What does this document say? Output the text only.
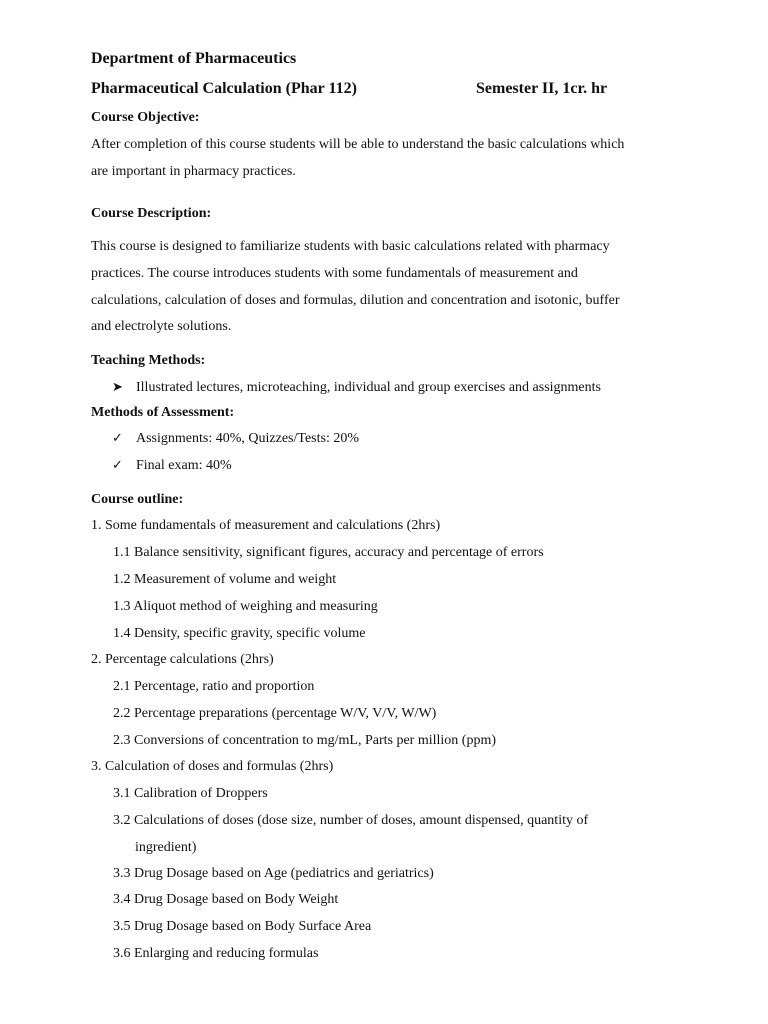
Department of Pharmaceutics
Pharmaceutical Calculation (Phar 112)	Semester II, 1cr. hr
Course Objective:
After completion of this course students will be able to understand the basic calculations which
are important in pharmacy practices.
Course Description:
This course is designed to familiarize students with basic calculations related with pharmacy
practices. The course introduces students with some fundamentals of measurement and
calculations, calculation of doses and formulas, dilution and concentration and isotonic, buffer
and electrolyte solutions.
Teaching Methods:
➤ Illustrated lectures, microteaching, individual and group exercises and assignments
Methods of Assessment:
✓ Assignments: 40%, Quizzes/Tests: 20%
✓ Final exam: 40%
Course outline:
1. Some fundamentals of measurement and calculations (2hrs)
1.1 Balance sensitivity, significant figures, accuracy and percentage of errors
1.2 Measurement of volume and weight
1.3 Aliquot method of weighing and measuring
1.4 Density, specific gravity, specific volume
2. Percentage calculations (2hrs)
2.1 Percentage, ratio and proportion
2.2 Percentage preparations (percentage W/V, V/V, W/W)
2.3 Conversions of concentration to mg/mL, Parts per million (ppm)
3. Calculation of doses and formulas (2hrs)
3.1 Calibration of Droppers
3.2 Calculations of doses (dose size, number of doses, amount dispensed, quantity of
ingredient)
3.3 Drug Dosage based on Age (pediatrics and geriatrics)
3.4 Drug Dosage based on Body Weight
3.5 Drug Dosage based on Body Surface Area
3.6 Enlarging and reducing formulas
